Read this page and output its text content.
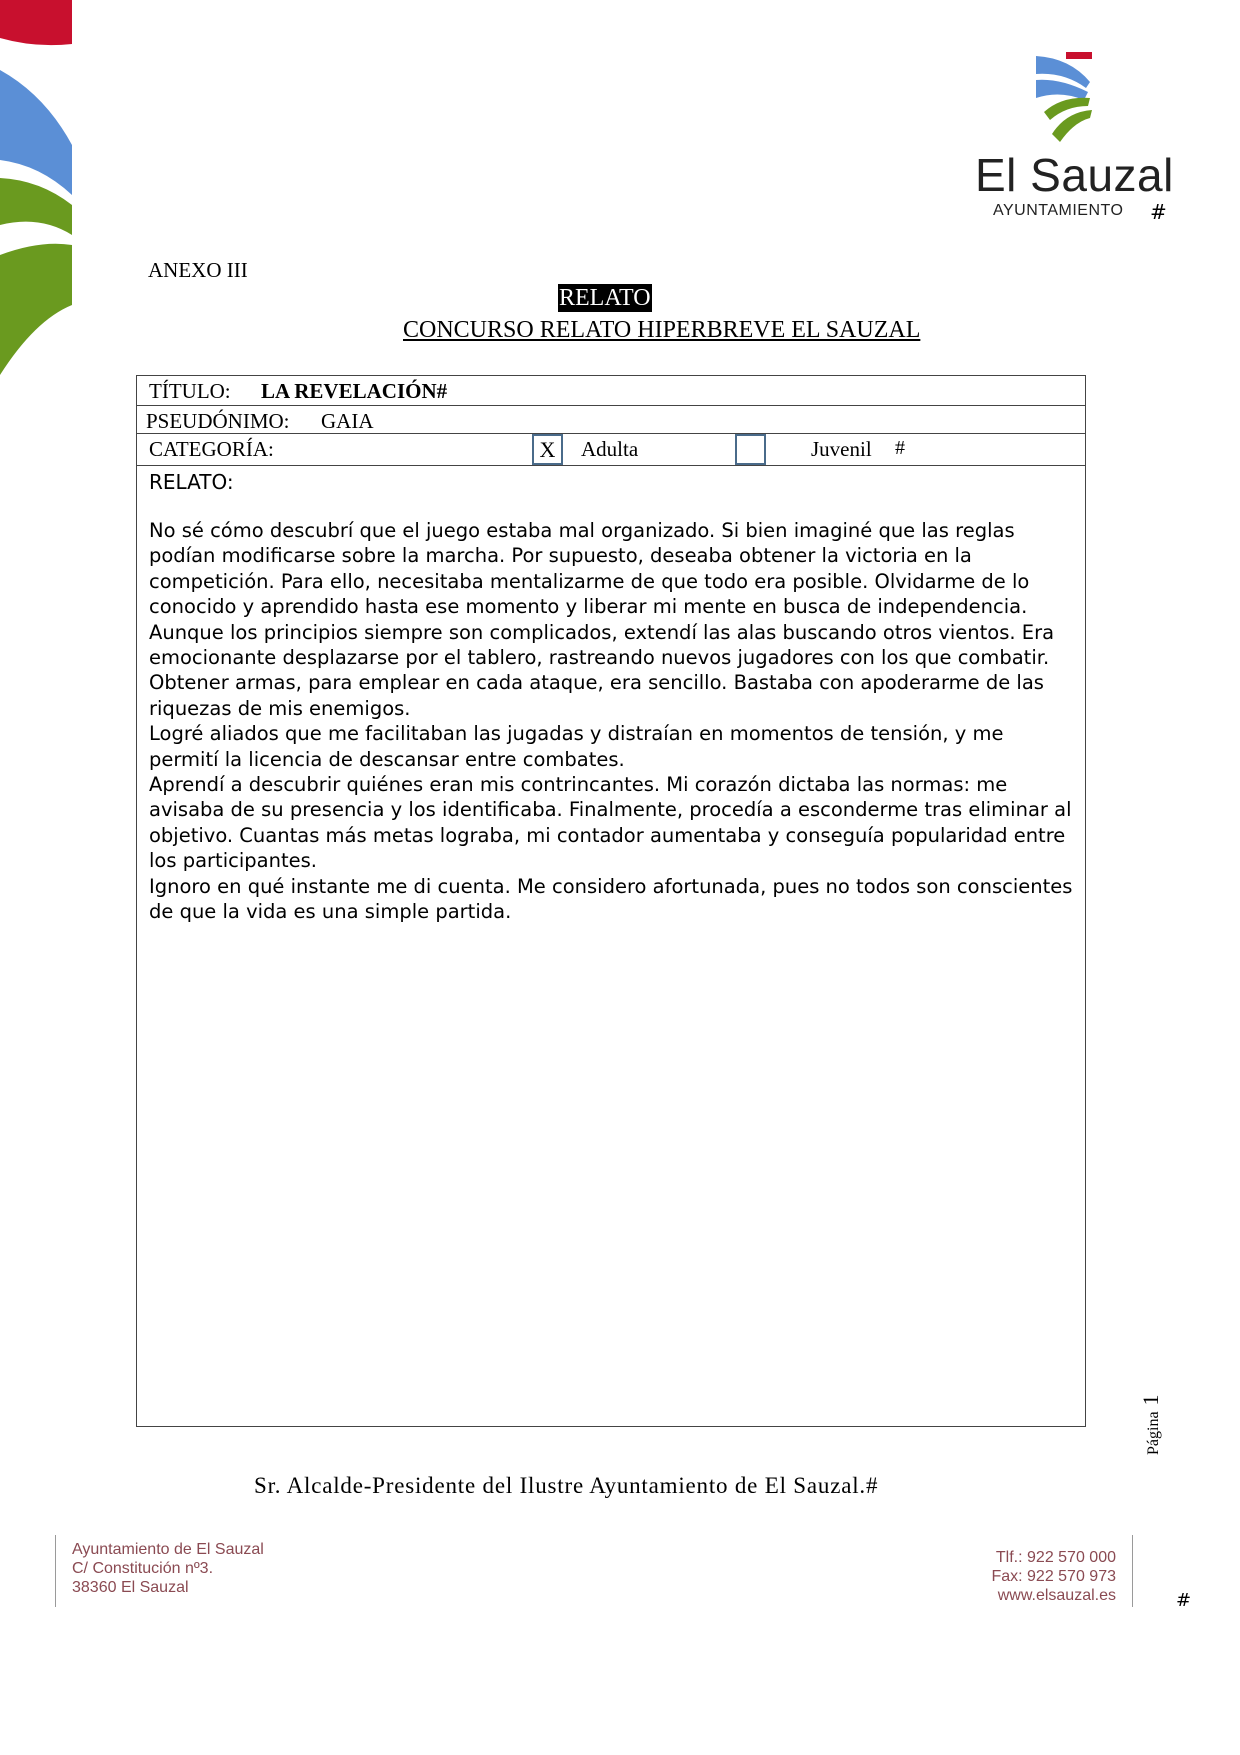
El Sauzal
AYUNTAMIENTO #
ANEXO III
RELATO
CONCURSO RELATO HIPERBREVE EL SAUZAL
TÍTULO: LA REVELACIÓN#
PSEUDÓNIMO: GAIA
CATEGORÍA:	X	Adulta	Juvenil #
RELATO:

No sé cómo descubrí que el juego estaba mal organizado. Si bien imaginé que las reglas podían modificarse sobre la marcha. Por supuesto, deseaba obtener la victoria en la competición. Para ello, necesitaba mentalizarme de que todo era posible. Olvidarme de lo conocido y aprendido hasta ese momento y liberar mi mente en busca de independencia.

Aunque los principios siempre son complicados, extendí las alas buscando otros vientos. Era emocionante desplazarse por el tablero, rastreando nuevos jugadores con los que combatir. Obtener armas, para emplear en cada ataque, era sencillo. Bastaba con apoderarme de las riquezas de mis enemigos.

Logré aliados que me facilitaban las jugadas y distraían en momentos de tensión, y me permití la licencia de descansar entre combates.

Aprendí a descubrir quiénes eran mis contrincantes. Mi corazón dictaba las normas: me avisaba de su presencia y los identificaba. Finalmente, procedía a esconderme tras eliminar al objetivo. Cuantas más metas lograba, mi contador aumentaba y conseguía popularidad entre los participantes.

Ignoro en qué instante me di cuenta. Me considero afortunada, pues no todos son conscientes de que la vida es una simple partida.

Sr. Alcalde-Presidente del Ilustre Ayuntamiento de El Sauzal.#
Página1
#
Ayuntamiento de El Sauzal
C/ Constitución nº3.
38360 El Sauzal
Tlf.: 922 570 000
Fax: 922 570 973
www.elsauzal.es
